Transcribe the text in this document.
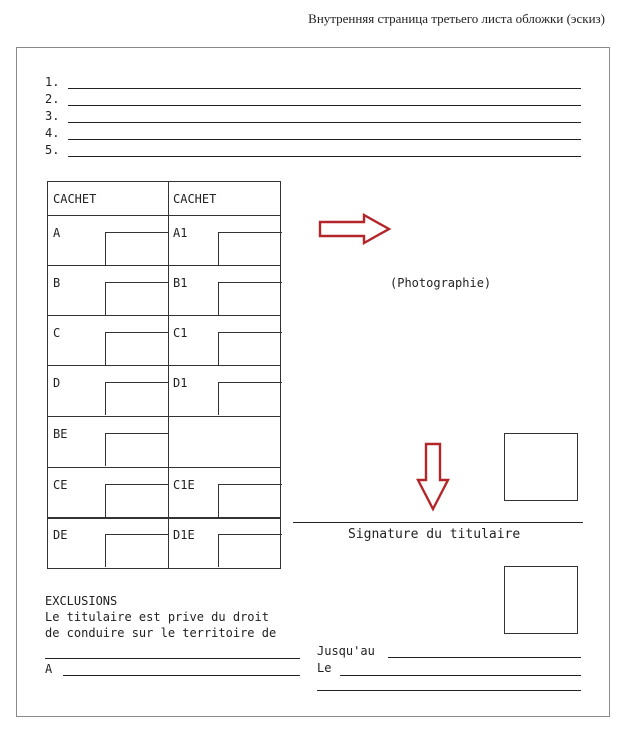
Внутренняя страница третьего листа обложки (эскиз)
1.
2.
3.
4.
5.
CACHET	CACHET
A	A1
B	B1
C	C1
D	D1
BE
CE	C1E
DE	D1E
(Photographie)
Signature du titulaire
EXCLUSIONS
Le titulaire est prive du droit
de conduire sur le territoire de
A
Jusqu'au
Le
